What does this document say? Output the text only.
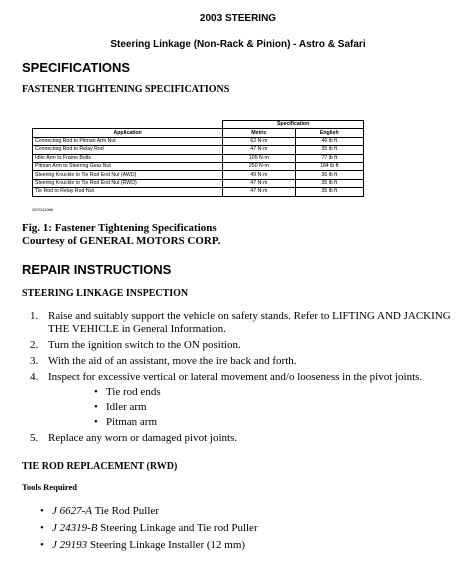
2003 STEERING
Steering Linkage (Non-Rack & Pinion) - Astro & Safari
SPECIFICATIONS
FASTENER TIGHTENING SPECIFICATIONS
	Specification	
Application	Metric	English
Connecting Rod to Pitman Arm Nut	62 N·m	46 lb ft
Connecting Rod to Relay Rod	47 N·m	35 lb ft
Idler Arm to Frame Bolts	105 N·m	77 lb ft
Pitman Arm to Steering Gear Nut	250 N·m	184 lb ft
Steering Knuckle to Tie Rod End Nut (AWD)	49 N·m	36 lb ft
Steering Knuckle to Tie Rod End Nut (RWD)	47 N·m	35 lb ft
Tie Rod to Relay Rod Nut	47 N·m	35 lb ft
G07041066
Fig. 1: Fastener Tightening Specifications
Courtesy of GENERAL MOTORS CORP.
REPAIR INSTRUCTIONS
STEERING LINKAGE INSPECTION
1. Raise and suitably support the vehicle on safety stands. Refer to LIFTING AND JACKING THE VEHICLE in General Information.
2. Turn the ignition switch to the ON position.
3. With the aid of an assistant, move the ire back and forth.
4. Inspect for excessive vertical or lateral movement and/o looseness in the pivot joints.
• Tie rod ends
• Idler arm
• Pitman arm
5. Replace any worn or damaged pivot joints.
TIE ROD REPLACEMENT (RWD)
Tools Required
• J 6627-A Tie Rod Puller
• J 24319-B Steering Linkage and Tie rod Puller
• J 29193 Steering Linkage Installer (12 mm)
